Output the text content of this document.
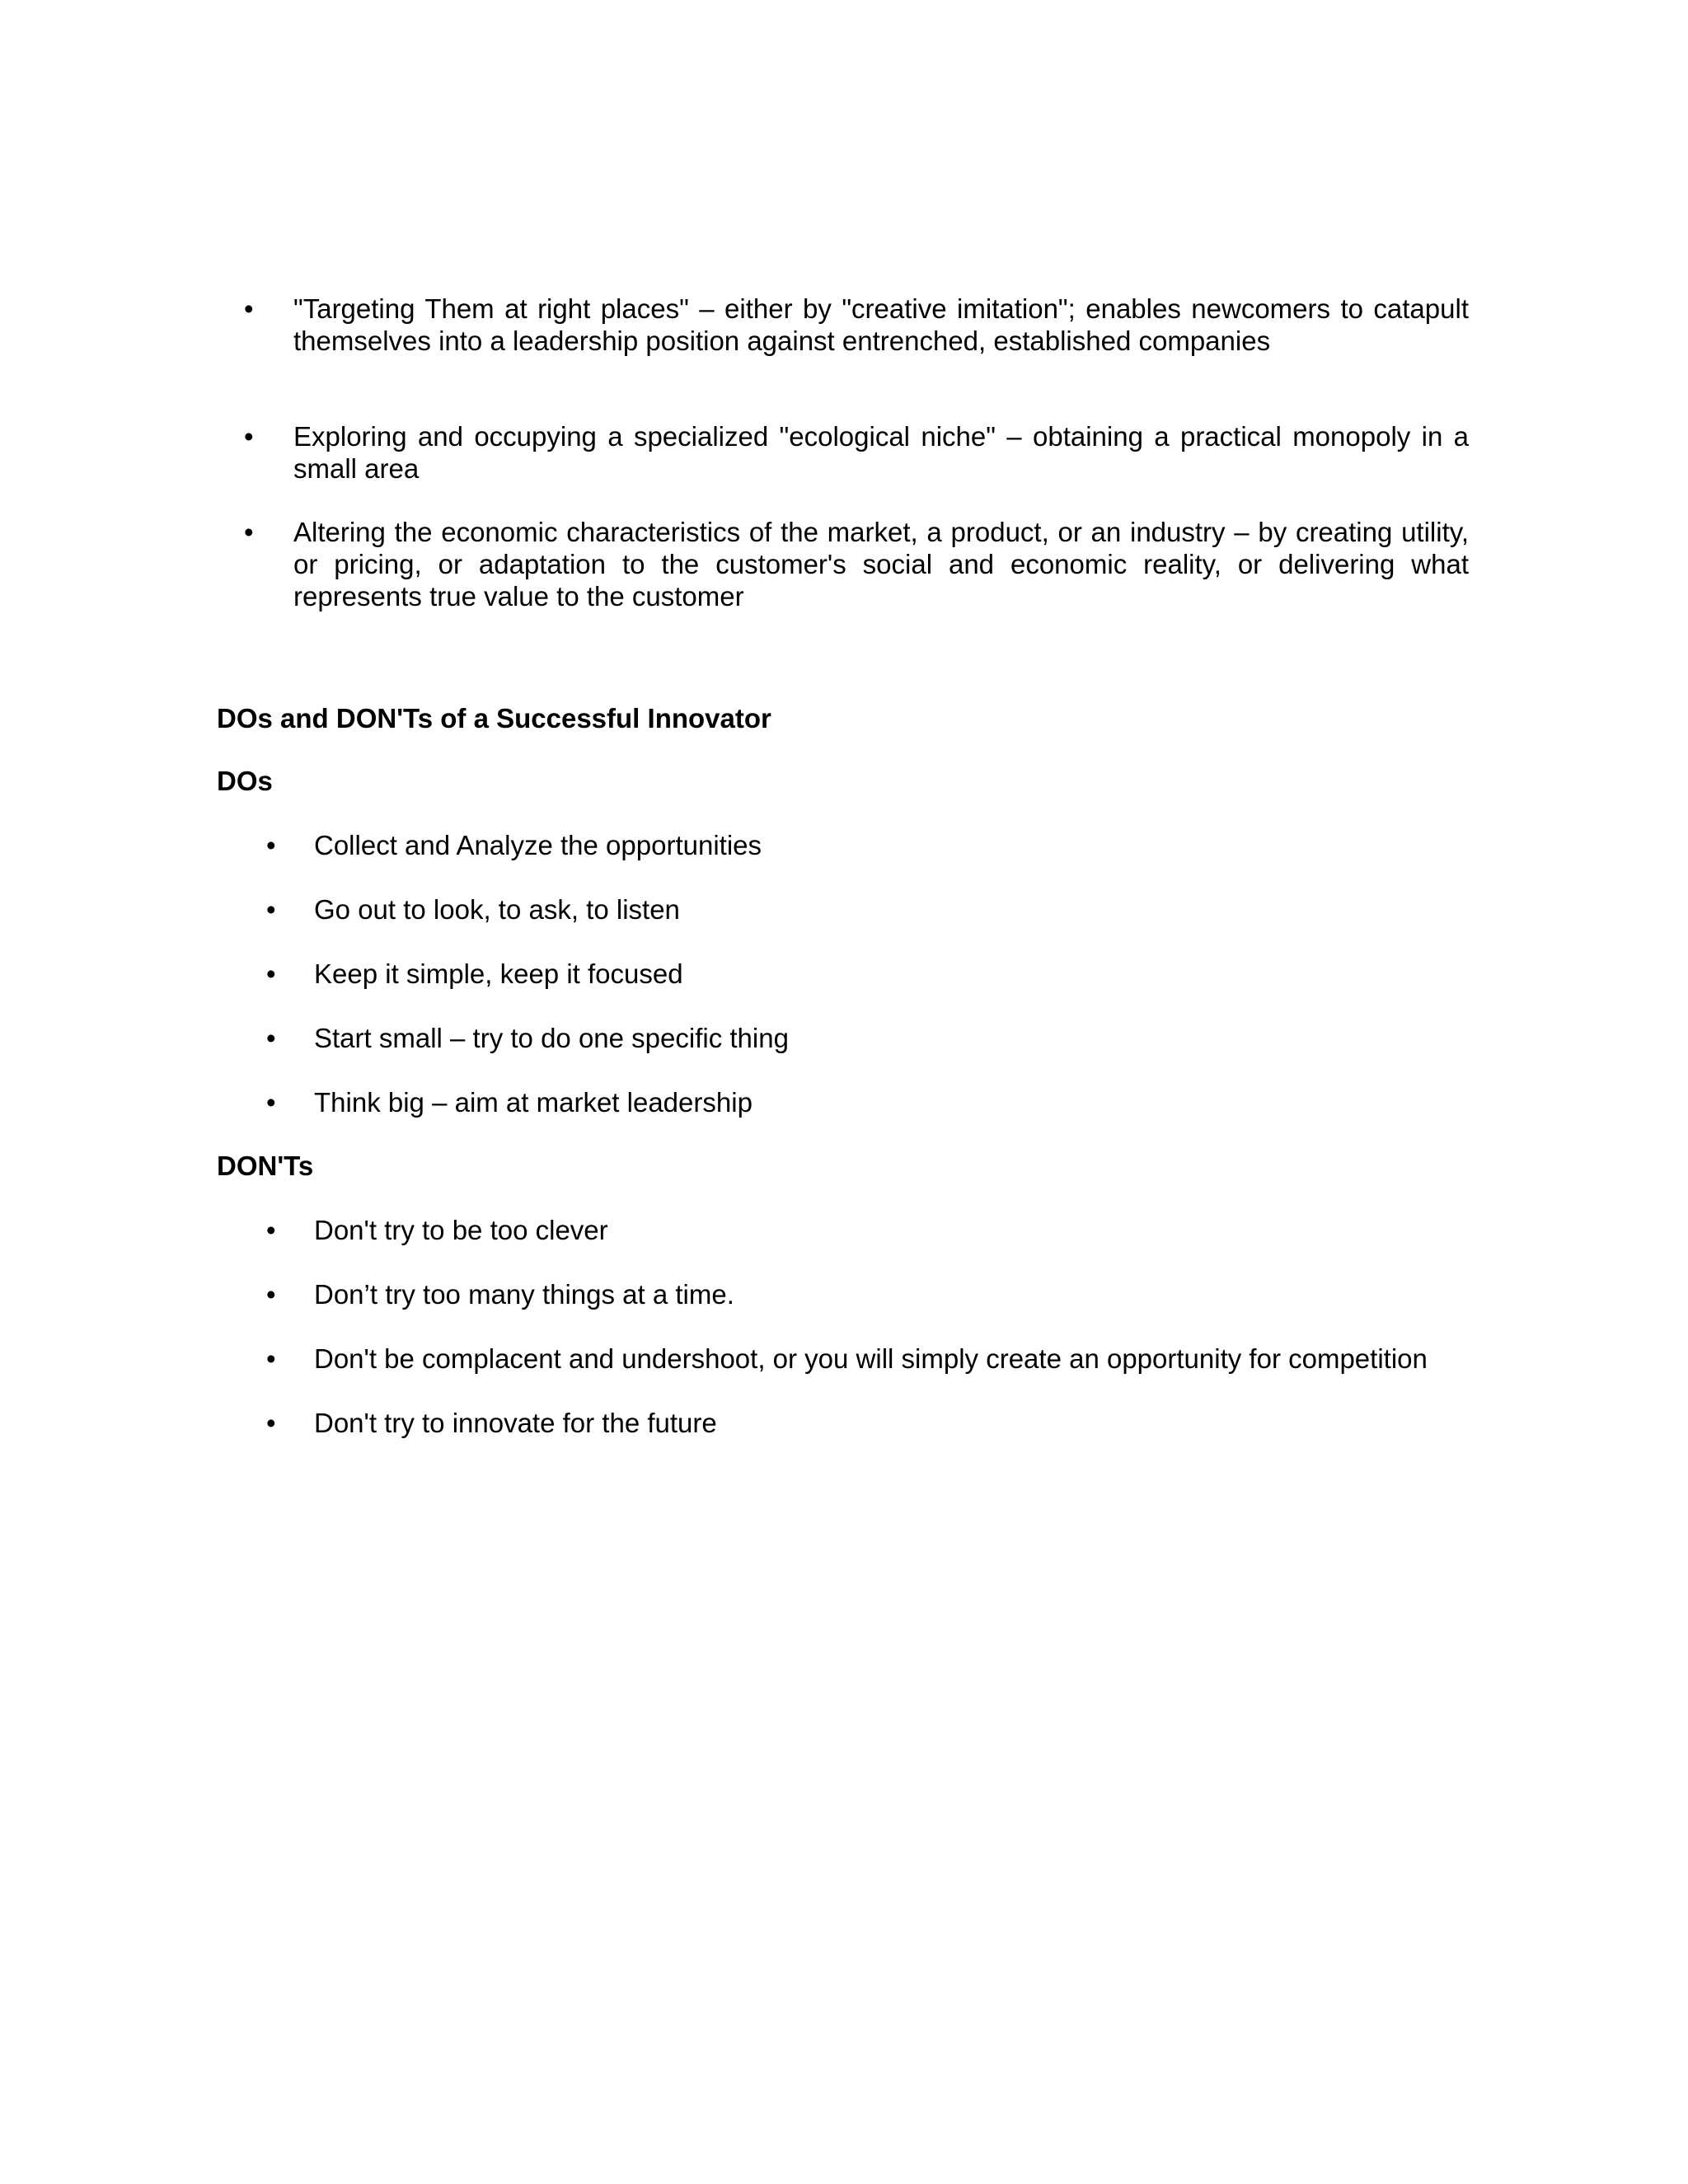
• "Targeting Them at right places" – either by "creative imitation"; enables newcomers to catapult themselves into a leadership position against entrenched, established companies
• Exploring and occupying a specialized "ecological niche" – obtaining a practical monopoly in a small area
• Altering the economic characteristics of the market, a product, or an industry – by creating utility, or pricing, or adaptation to the customer's social and economic reality, or delivering what represents true value to the customer
DOs and DON'Ts of a Successful Innovator
DOs
• Collect and Analyze the opportunities
• Go out to look, to ask, to listen
• Keep it simple, keep it focused
• Start small – try to do one specific thing
• Think big – aim at market leadership
DON'Ts
• Don't try to be too clever
• Don’t try too many things at a time.
• Don't be complacent and undershoot, or you will simply create an opportunity for competition
• Don't try to innovate for the future
